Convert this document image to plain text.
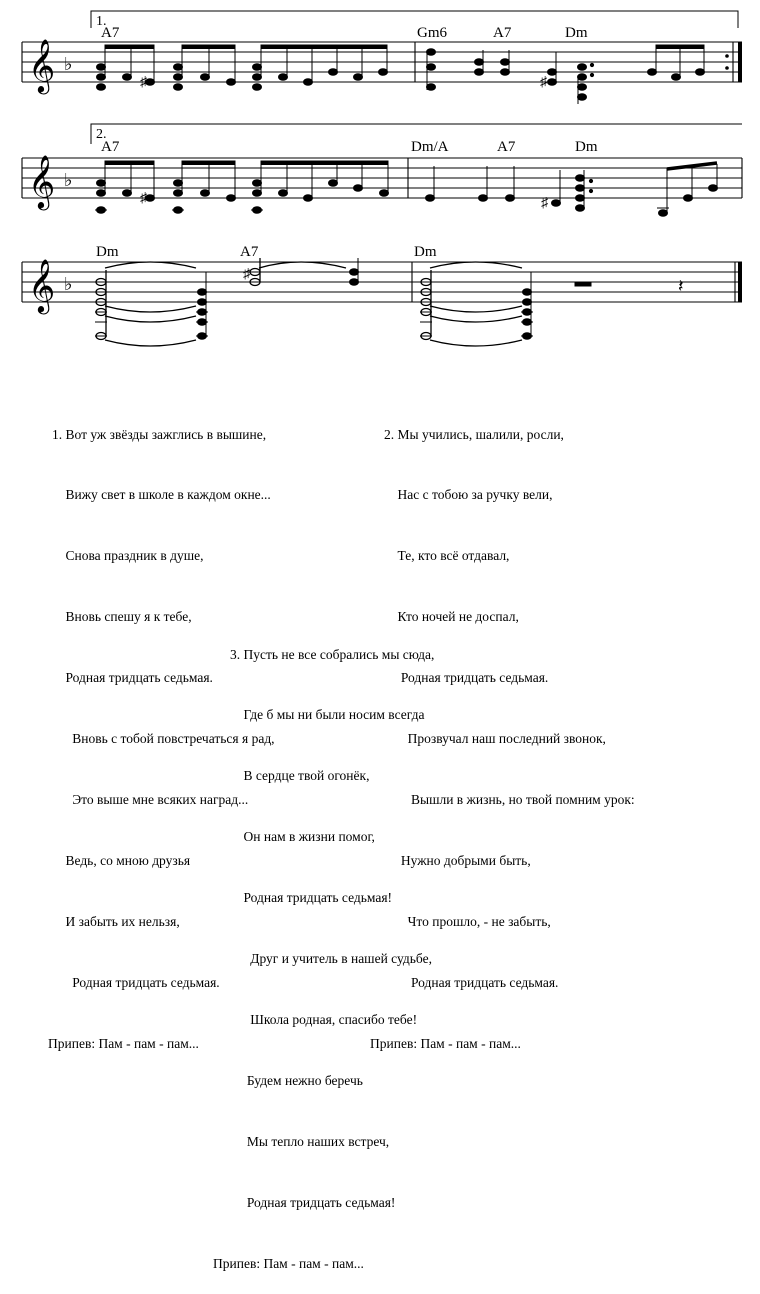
1.
A7	Gm6	A7	Dm
𝄞 ♭
♯	♯
2.
A7	Dm/A	A7	Dm
𝄞 ♭
♯	♯
Dm	A7	Dm
𝄞 ♭	♯
𝄽

1. Вот уж звёзды зажглись в вышине,

Вижу свет в школе в каждом окне...

Снова праздник в душе,

Вновь спешу я к тебе,

Родная тридцать седьмая.

Вновь с тобой повстречаться я рад,

Это выше мне всяких наград...

Ведь, со мною друзья

И забыть их нельзя,

Родная тридцать седьмая.

Припев: Пам - пам - пам...

2. Мы учились, шалили, росли,

Нас с тобою за ручку вели,

Те, кто всё отдавал,

Кто ночей не доспал,

Родная тридцать седьмая.

Прозвучал наш последний звонок,

Вышли в жизнь, но твой помним урок:

Нужно добрыми быть,

Что прошло, - не забыть,

Родная тридцать седьмая.

Припев: Пам - пам - пам...

3. Пусть не все собрались мы сюда,

Где б мы ни были носим всегда

В сердце твой огонёк,

Он нам в жизни помог,

Родная тридцать седьмая!

Друг и учитель в нашей судьбе,

Школа родная, спасибо тебе!

Будем нежно беречь

Мы тепло наших встреч,

Родная тридцать седьмая!

Припев: Пам - пам - пам...
